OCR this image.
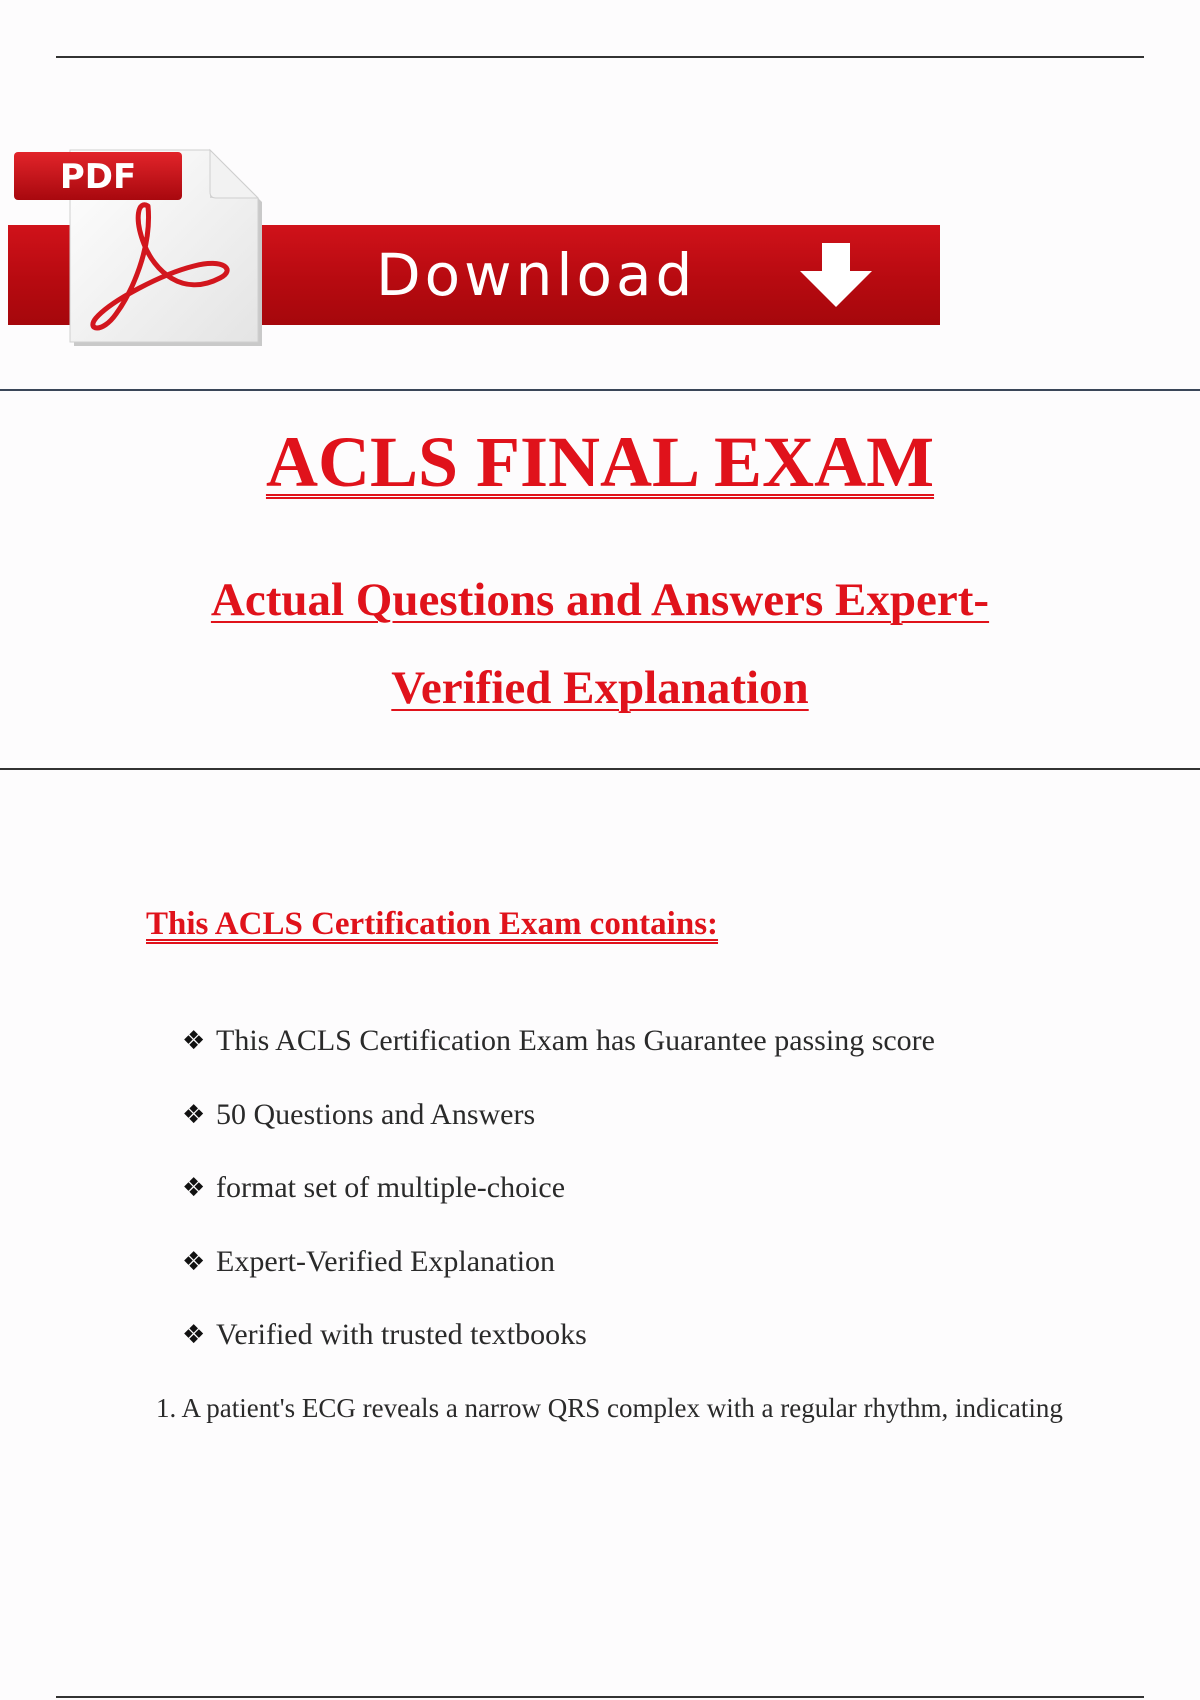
Download
PDF
ACLS FINAL EXAM
Actual Questions and Answers Expert-Verified Explanation
This ACLS Certification Exam contains:
❖ This ACLS Certification Exam has Guarantee passing score
❖ 50 Questions and Answers
❖ format set of multiple-choice
❖ Expert-Verified Explanation
❖ Verified with trusted textbooks
1. A patient's ECG reveals a narrow QRS complex with a regular rhythm, indicating
